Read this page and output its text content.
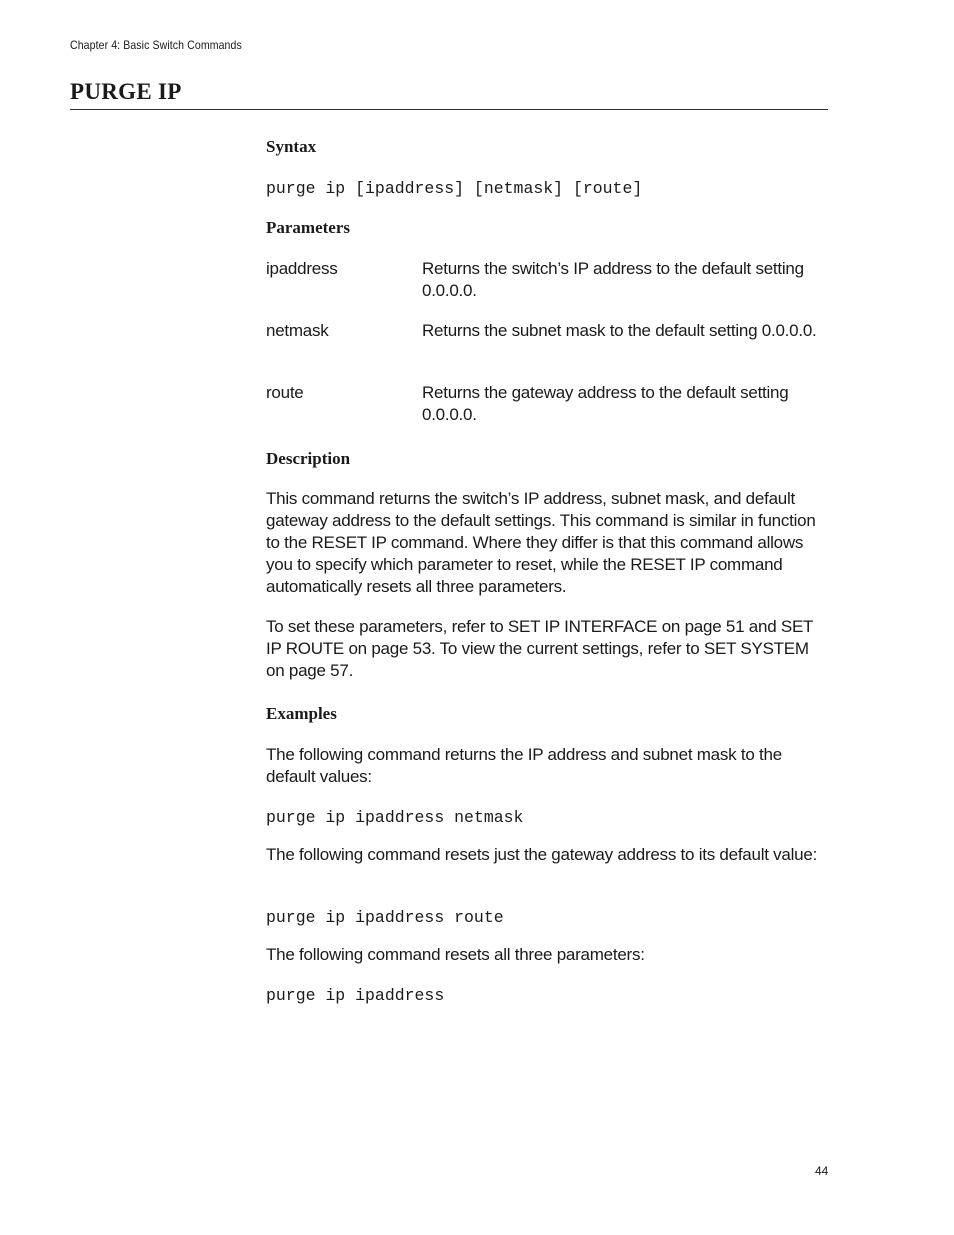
Chapter 4: Basic Switch Commands
PURGE IP
Syntax
purge ip [ipaddress] [netmask] [route]
Parameters
ipaddress	Returns the switch’s IP address to the default setting 0.0.0.0.
netmask	Returns the subnet mask to the default setting 0.0.0.0.
route	Returns the gateway address to the default setting 0.0.0.0.
Description

This command returns the switch’s IP address, subnet mask, and default gateway address to the default settings. This command is similar in function to the RESET IP command. Where they differ is that this command allows you to specify which parameter to reset, while the RESET IP command automatically resets all three parameters.

To set these parameters, refer to SET IP INTERFACE on page 51 and SET IP ROUTE on page 53. To view the current settings, refer to SET SYSTEM on page 57.

Examples

The following command returns the IP address and subnet mask to the default values:

purge ip ipaddress netmask

The following command resets just the gateway address to its default value:

purge ip ipaddress route

The following command resets all three parameters:

purge ip ipaddress
44
